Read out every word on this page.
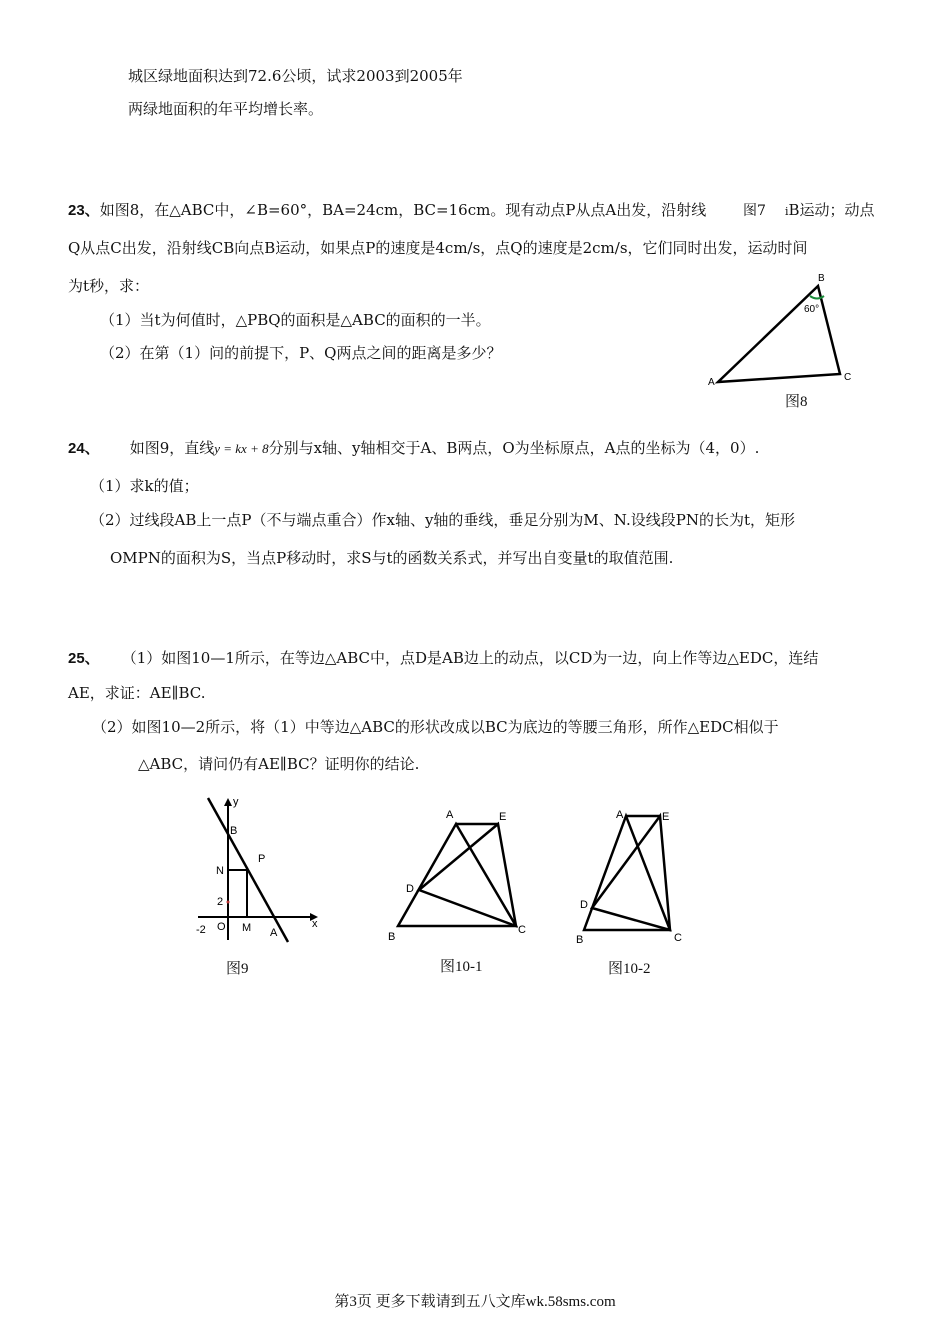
城区绿地面积达到72.6公顷，试求2003到2005年
两绿地面积的年平均增长率。
23、如图8，在△ABC中，∠B=60°，BA=24cm，BC=16cm。现有动点P从点A出发，沿射线	图7 iB运动；动点
Q从点C出发，沿射线CB向点B运动，如果点P的速度是4cm/s，点Q的速度是2cm/s，它们同时出发，运动时间
为t秒，求：
（1）当t为何值时，△PBQ的面积是△ABC的面积的一半。
（2）在第（1）问的前提下，P、Q两点之间的距离是多少？
B
60°
A	C
图8
24、 如图9，直线y = kx + 8分别与x轴、y轴相交于A、B两点，O为坐标原点，A点的坐标为（4，0）.
（1）求k的值；
（2）过线段AB上一点P（不与端点重合）作x轴、y轴的垂线，垂足分别为M、N.设线段PN的长为t，矩形
OMPN的面积为S，当点P移动时，求S与t的函数关系式，并写出自变量t的取值范围.
25、 （1）如图10—1所示，在等边△ABC中，点D是AB边上的动点，以CD为一边，向上作等边△EDC，连结
AE，求证：AE∥BC.
（2）如图10—2所示，将（1）中等边△ABC的形状改成以BC为底边的等腰三角形，所作△EDC相似于
△ABC，请问仍有AE∥BC？证明你的结论.
y
x
B
N
P
2
O M A
-2
图9
A	E
D
B
C
图10-1
A	E
D
B	C
图10-2
第3页 更多下载请到五八文库wk.58sms.com
